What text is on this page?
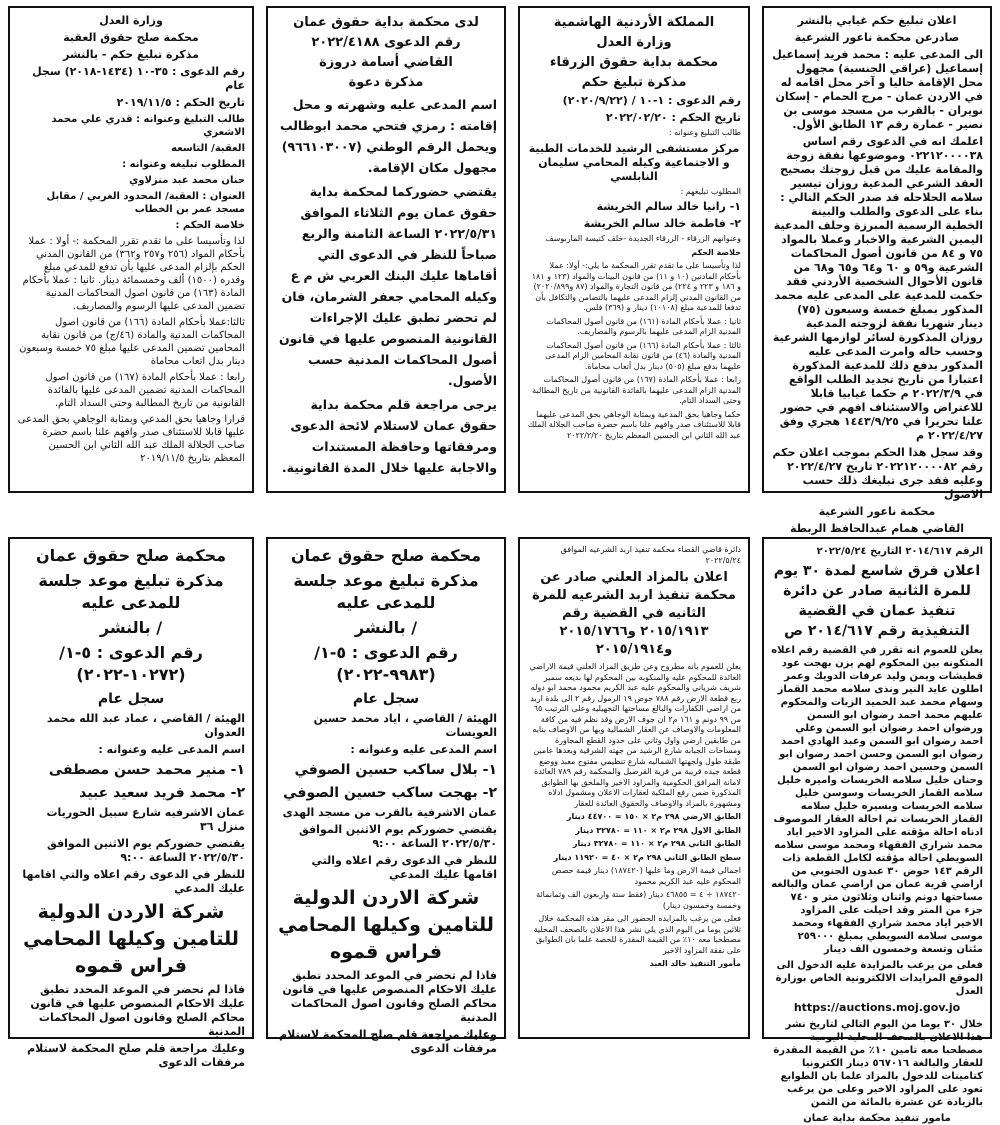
اعلان تبليغ حكم غيابي بالنشر

صادرعن محكمة ناعور الشرعية

الى المدعى عليه : محمد فريد إسماعيل إسماعيل (عراقي الجنسية) مجهول محل الإقامة حاليا و آخر محل اقامه له في الاردن عمان - مرج الحمام - إسكان نويران - بالقرب من مسجد موسى بن نصير - عمارة رقم ١٣ الطابق الأول.

اعلمك انه في الدعوى رقم اساس ٠٢٢١٢٠٠٠٠٣٨ وموضوعها نفقة زوجة والمقامة عليك من قبل زوجتك بصحيح العقد الشرعي المدعية روزان تيسير سلامه الحلاحله قد صدر الحكم التالي : بناء على الدعوى والطلب والبينة الخطية الرسمية المبرزة وحلف المدعية اليمين الشرعية والاخبار وعملا بالمواد ٧٥ و ٨٤ من قانون أصول المحاكمات الشرعية و٥٩ و ٦٠ و٦٤ و٦٥ و٦٨ من قانون الأحوال الشخصية الأردني فقد حكمت للمدعية على المدعى عليه محمد المذكور بمبلغ خمسة وسبعون (٧٥) دينار شهريا نفقة لزوجته المدعية روزان المذكورة لسائر لوازمها الشرعية وحسب حاله وامرت المدعى عليه المذكور بدفع ذلك للمدعية المذكورة اعتبارا من تاريخ تجديد الطلب الواقع في ٢٠٢٢/٣/٩ م حكما غيابيا قابلا للاعتراض والاستئناف افهم في حضور علنا تحريرا في ١٤٤٣/٩/٢٥ هجري وفق ٢٠٢٢/٤/٢٧ م

وقد سجل هذا الحكم بموجب اعلان حكم رقم ٢٠٢٢١٢٠٠٠٠٨٢ تاريخ ٢٠٢٢/٤/٢٧ وعليه فقد جرى تبليغك ذلك حسب الاصول

محكمة ناعور الشرعية

القاضي همام عبدالحافظ الربطة

المملكة الأردنية الهاشمية

وزارة العدل

محكمة بداية حقوق الزرقاء

مذكرة تبليغ حكم

رقم الدعوى : ١-١٠ / (٢٠٢٠/٩/٢٢)

تاريخ الحكم : ٢٠٢٢/٠٢/٢٠

طالب التبليغ وعنوانه :

مركز مستشفى الرشيد للخدمات الطبية و الاجتماعية وكيله المحامي سليمان النابلسي

المطلوب تبليغهم :

١- رانيا خالد سالم الخريشة

٢- فاطمة خالد سالم الخريشة

وعنوانهم الزرقاء - الزرقاء الجديدة -خلف كنيسة الماربوسف

خلاصة الحكم

لذا وتأسيسا على ما تقدم تقرر المحكمة ما يلي:- أولا: عملا بأحكام المادتين (١٠ و ١١) من قانون البينات والمواد (١٢٣ و ١٨١ و ١٨٦ و ٢٢٣ و ٢٢٤) من قانون التجارة والمواد (٨٧ و٢٠٢٠/٨٩٩) من القانون المدني إلزام المدعى عليهما بالتضامن والتكافل بأن تدفعا للمدعية مبلغ (١٠١٠٨) دينار و (٣٦٩) فلس.

ثانيا : عملا بأحكام المادة (١٦١) من قانون أصول المحاكمات المدنية الزام المدعى عليهما بالرسوم والمصاريف.

ثالثا : عملا بأحكام المادة (١٦٦) من قانون أصول المحاكمات المدنية والمادة (٤٦) من قانون نقابة المحامين الزام المدعى عليهما بدفع مبلغ (٥٠٥) دينار بدل أتعاب محاماة.

رابعا : عملا بأحكام المادة (١٦٧) من قانون أصول المحاكمات المدنية الزام المدعى عليهما بالفائدة القانونية من تاريخ المطالبة وحتى السداد التام.

حكما وجاهيا بحق المدعية وبمثابة الوجاهي بحق المدعى عليهما قابلا للاستئناف صدر وافهم علنا باسم حضرة صاحب الجلالة الملك عبد الله الثاني ابن الحسين المعظم بتاريخ ٢٠٢٢/٢/٢٠

لدى محكمة بداية حقوق عمان

رقم الدعوى ٢٠٢٢/٤١٨٨

القاضي أسامة دروزة

مذكرة دعوة

اسم المدعى عليه وشهرته و محل إقامته : رمزي فتحي محمد ابوطالب ويحمل الرقم الوطني (٩٦٦١٠٣٠٠٧) مجهول مكان الإقامة.

يقتضي حضوركما لمحكمة بداية حقوق عمان يوم الثلاثاء الموافق ٢٠٢٢/٥/٣١ الساعة الثامنة والربع صباحاً للنظر في الدعوى التي أقاماها عليك البنك العربي ش م ع وكيله المحامي جعفر الشرمان، فان لم تحضر تطبق عليك الإجراءات القانونية المنصوص عليها في قانون أصول المحاكمات المدنية حسب الأصول.

يرجى مراجعة قلم محكمة بداية حقوق عمان لاستلام لائحة الدعوى ومرفقاتها وحافظة المستندات والاجابة عليها خلال المدة القانونية.

وزارة العدل

محكمة صلح حقوق العقبة

مذكرة تبليغ حكم - بالنشر

رقم الدعوى : ٣٥-١٠ (١٤٣٤-٢٠١٨) سجل عام

تاريخ الحكم : ٢٠١٩/١١/٥

طالب التبليغ وعنوانه : قدري علي محمد الاشعري

العقبة/ التاسعه

المطلوب تبليغه وعنوانه :

حنان محمد عبد منزلاوي

العنوان : العقبة/ المحدود الغربي / مقابل مسجد عمر بن الخطاب

خلاصة الحكم :

لذا وتأسيسا على ما تقدم تقرر المحكمة :- أولا : عملا بأحكام المواد (٢٥٦ و٢٥٧ و٣٦٢) من القانون المدني الحكم بإلزام المدعى عليها بأن تدفع للمدعي مبلغ وقدره (١٥٠٠) ألف وخمسمائة دينار. ثانيا : عملا بأحكام المادة (١٦٣) من قانون اصول المحاكمات المدنية تضمين المدعى عليها الرسوم والمصاريف.

ثالثا:عملا بأحكام المادة (١٦٦) من قانون اصول المحاكمات المدنية والمادة (٤٦/ج) من قانون نقابة المحامين تضمين المدعى عليها مبلغ ٧٥ خمسة وسبعون دينار بدل اتعاب محاماة

رابعا : عملا بأحكام المادة (١٦٧) من قانون اصول المحاكمات المدنية تضمين المدعى عليها بالفائدة القانونية من تاريخ المطالبة وحتى السداد التام.

قرارا وجاهيا بحق المدعي وبمثابة الوجاهي بحق المدعى عليها قابلا للاستئناف صدر وافهم علنا باسم حضرة صاحب الجلالة الملك عبد الله الثاني ابن الحسين المعظم بتاريخ ٢٠١٩/١١/٥

الرقم ٢٠١٤/٦١٧ التاريخ ٢٠٢٢/٥/٢٤

اعلان فرق شاسع لمدة ٣٠ يوم للمرة الثانية صادر عن دائرة تنفيذ عمان في القضية التنفيذية رقم ٢٠١٤/٦١٧ ص

يعلن للعموم انه تقرر في القضية رقم اعلاه المتكونه بين المحكوم لهم يزن بهجت عود قطيشات ويمن وليد عرفات الدويك وعمر اطلون عايد النير ونذى سلامه محمد القماز وسهام محمد عبد الحميد الزيات والمحكوم عليهم محمد احمد رضوان ابو السمن ورضوان احمد رضوان ابو السمن وعلي احمد رضوان ابو السمن وعبد الهادي احمد رضوان ابو السمن وحسن احمد رضوان ابو السمن وحسين احمد رضوان ابو السمن وحنان خليل سلامه الخريسات واميره خليل سلامه القماز الخريسات وسوسن خليل سلامه الخريسات وبسيره خليل سلامه القماز الخريسات تم احالة العقار الموصوف ادناه احالة مؤقته على المزاود الاخير اياد محمد شراري الفقهاء ومحمد موسى سلامه السويطي احالة مؤقته لكامل القطعة ذات الرقم ١٤٣ حوض ٣٠ عبدون الجنوبي من اراضي قرية عمان من اراضي عمان والبالغه مساحتها دونم واثنان وثلاثون متر و ٧٤٠ جزء من المتر وقد احيلت على المزاود الاخير اياد محمد شراري الفقهاء ومحمد موسى سلامه السويطي بمبلغ ٢٥٩٠٠٠ مئتان وتسعة وخمسون الف دينار

فعلى من يرغب بالمزايدة عليه الدخول الى الموقع المزايدات الالكترونية الخاص بوزارة العدل

https://auctions.moj.gov.jo

خلال ٣٠ يوما من اليوم التالي لتاريخ نشر هذا الاعلان بالصحف المحلية اليومية مصطحبا معه تامين ١٠٪ من القيمة المقدرة للعقار والبالغة ٥٦٧٠١٦ دينار الكترونيا كتامينات للدخول بالمزاد علما بان الطوابع تعود على المزاود الاخير وعلى من يرغب بالزيادة عن عشرة بالمائة من الثمن

مامور تنفيذ محكمة بداية عمان

دائرة قاضي القضاء محكمة تنفيذ اربد الشرعيه الموافق ٢٠٢٢/٥/٢٤

اعلان بالمزاد العلني صادر عن محكمة تنفيذ اربد الشرعيه للمرة الثانيه في القضية رقم ٢٠١٥/١٩١٣ و٢٠١٥/١٧٦٦ و٢٠١٥/١٩١٤

يعلن للعموم بانه مطروح وعن طريق المزاد العلني قيمة الاراضي العائدة للمحكوم عليه والمنكوبه بين المحكوم لها بديعه سمير شريف شرياني والمحكوم عليه عبد الكريم محمود محمد ابو دوله ربع قطعة الارض رقم ٧٨٨ حوض ١٩ الرمول رقم ٢ الى بلدة اربد من اراضي الكفارات والبالغ مساحتها التجهيليه وعلى الترتيب ٦٥ من ٩٩ دونم و ١٦١ م٢ ان جوف الارض وقد نظم فيه من كافة المعلومات والاوصاف عن العقار الشمالية وبها من الاوصاف بنايه من طابقين ارضي واول وثاني على حدود القطع المجاورة ومساحات الجبابه شارع الرشيد من جهته الشرقية وبعدها عامين طبقة طول ولجهتها الشماليه شارع تنظيمي مفتوح معبد ووضع قطعة جيده قريبة من قرية القرصيل والمحكمة رقم ٧٨٩ العائدة لامانة المرافق الحكومية والمزاود الاخير والملحق بها الطوابق المذكورة ضمن رفع الملكية لعقارات الاعلان ومشمول ادلاه ومشهورة بالمزاد والاوصاف والحقوق العائدة للعقار

الطابق الارضي ٢٩٨ م٢ × ١٥٠ = ٤٤٧٠٠ دينار

الطابق الاول ٢٩٨ م٢ × ١١٠ = ٣٢٧٨٠ دينار

الطابق الثاني ٢٩٨ م٢ × ١١٠ = ٣٢٧٨٠ دينار

سطح الطابق الثاني ٢٩٨ م٢ × ٤٠ = ١١٩٢٠ دينار

اجمالي قيمة الارض وما عليها (١٨٧٤٢٠) دينار قيمة حصص المحكوم عليه عبد الكريم محمود

١٨٧٤٢٠ ÷ ٤ = ٤٦٨٥٥ دينار (فقط ستة واربعون الف وثمانمائة وخمسة وخمسون دينار)

فعلى من يرغب بالمزايده الحضور الى مقر هذه المحكمة خلال ثلاثين يوما من اليوم الذي يلي نشر هذا الاعلان بالصحف المحلية مصطحبا معه ١٠٪ من القيمة المقدرة للحصة علما بان الطوابق على نفقة المزاود الاخير

مأمور التنفيذ خالد العبد

محكمة صلح حقوق عمان

مذكرة تبليغ موعد جلسة للمدعى عليه

/ بالنشر

رقم الدعوى : ٥-١/ (٩٩٨٣-٢٠٢٢)

سجل عام

الهيئة / القاضي ، اياد محمد حسين العويسات

اسم المدعى عليه وعنوانه :

١- بلال ساكب حسين الصوفي

٢- بهجت ساكب حسين الصوفي

عمان الاشرفية بالقرب من مسجد الهدى

يقتضي حضوركم يوم الاثنين الموافق ٢٠٢٢/٥/٣٠ الساعة ٩:٠٠

للنظر في الدعوى رقم اعلاه والتي اقامها عليك المدعي

شركة الاردن الدولية للتامين وكيلها المحامي فراس قموه

فاذا لم تحضر في الموعد المحدد تطبق عليك الاحكام المنصوص عليها في قانون محاكم الصلح وقانون اصول المحاكمات المدنية

وعليك مراجعة قلم صلح المحكمة لاستلام مرفقات الدعوى

محكمة صلح حقوق عمان

مذكرة تبليغ موعد جلسة للمدعى عليه

/ بالنشر

رقم الدعوى : ٥-١/ (١٠٢٧٢-٢٠٢٢)

سجل عام

الهيئة / القاضي ، عماد عبد الله محمد العدوان

اسم المدعى عليه وعنوانه :

١- منير محمد حسن مصطفى

٢- محمد فريد سعيد عبيد

عمان الاشرفيه شارع سبيل الحوريات منزل ٣٦

يقتضي حضوركم يوم الاثنين الموافق ٢٠٢٢/٥/٣٠ الساعة ٩:٠٠

للنظر في الدعوى رقم اعلاه والتي اقامها عليك المدعي

شركة الاردن الدولية للتامين وكيلها المحامي فراس قموه

فاذا لم تحضر في الموعد المحدد تطبق عليك الاحكام المنصوص عليها في قانون محاكم الصلح وقانون اصول المحاكمات المدنية

وعليك مراجعة قلم صلح المحكمة لاستلام مرفقات الدعوى
